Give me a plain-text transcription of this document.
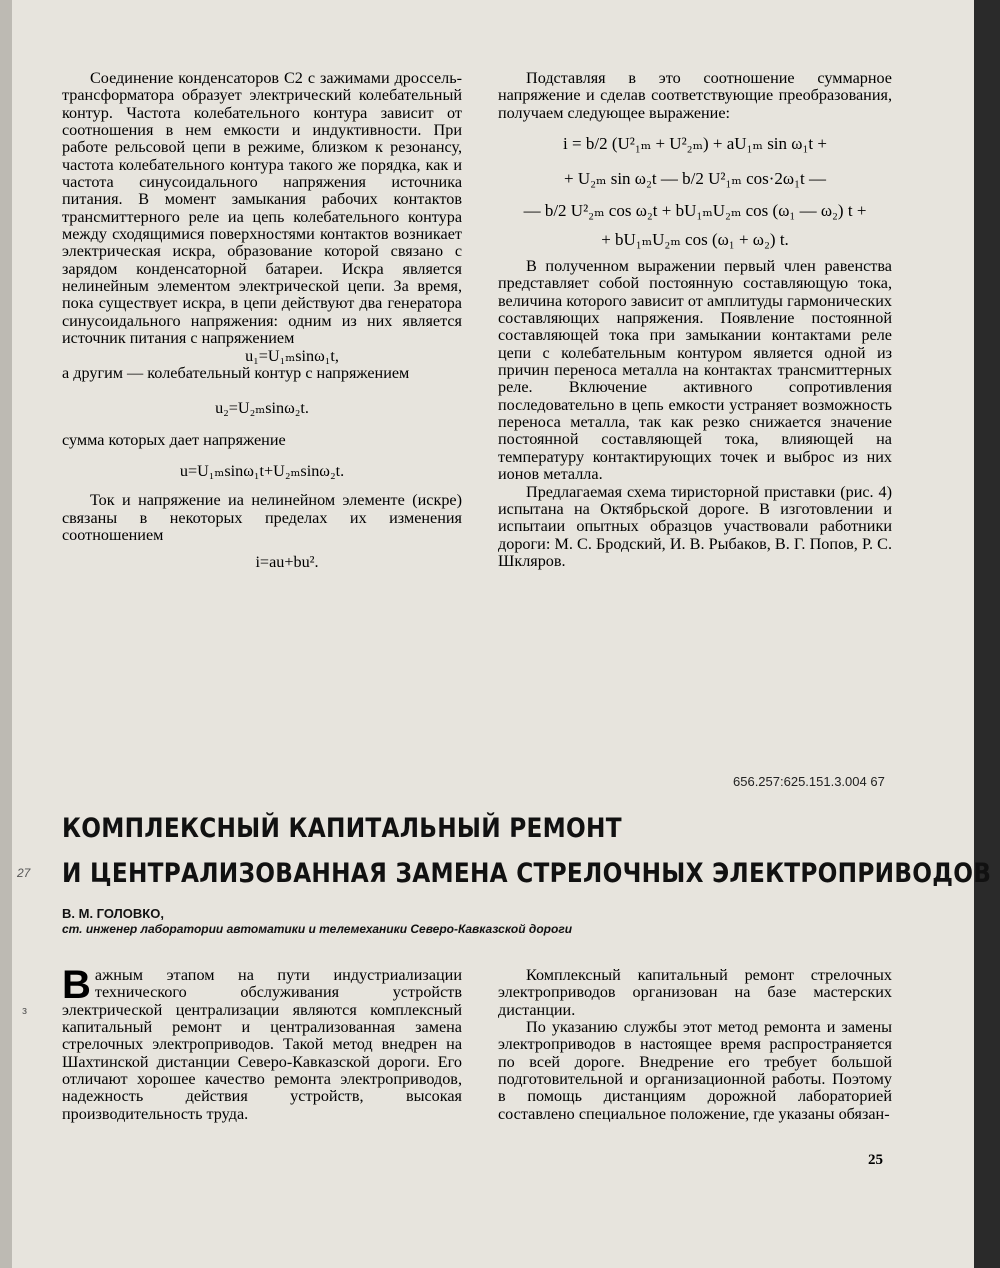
Соединение конденсаторов С2 с зажимами дроссель-трансформатора образует электрический колебательный контур. Частота колебательного контура зависит от соотношения в нем емкости и индуктивности. При работе рельсовой цепи в режиме, близком к резонансу, частота колебательного контура такого же порядка, как и частота синусоидального напряжения источника питания. В момент замыкания рабочих контактов трансмиттерного реле иа цепь колебательного контура между сходящимися поверхностями контактов возникает электрическая искра, образование которой связано с зарядом конденсаторной батареи. Искра является нелинейным элементом электрической цепи. За время, пока существует искра, в цепи действуют два генератора синусоидального напряжения: одним из них является источник питания с напряжением

u₁=U₁ₘsinω₁t,

а другим — колебательный контур с напряжением

u₂=U₂ₘsinω₂t.

сумма которых дает напряжение

u=U₁ₘsinω₁t+U₂ₘsinω₂t.

Ток и напряжение иа нелинейном элементе (искре) связаны в некоторых пределах их изменения соотношением

i=au+bu².

Подставляя в это соотношение суммарное напряжение и сделав соответствующие преобразования, получаем следующее выражение:

i = b/2 (U²₁ₘ + U²₂ₘ) + aU₁ₘ sin ω₁t +
+ U₂ₘ sin ω₂t — b/2 U²₁ₘ cos·2ω₁t —
— b/2 U²₂ₘ cos ω₂t + bU₁ₘU₂ₘ cos (ω₁ — ω₂) t +
+ bU₁ₘU₂ₘ cos (ω₁ + ω₂) t.

В полученном выражении первый член равенства представляет собой постоянную составляющую тока, величина которого зависит от амплитуды гармонических составляющих напряжения. Появление постоянной составляющей тока при замыкании контактами реле цепи с колебательным контуром является одной из причин переноса металла на контактах трансмиттерных реле. Включение активного сопротивления последовательно в цепь емкости устраняет возможность переноса металла, так как резко снижается значение постоянной составляющей тока, влияющей на температуру контактирующих точек и выброс из них ионов металла.

Предлагаемая схема тиристорной приставки (рис. 4) испытана на Октябрьской дороге. В изготовлении и испытаии опытных образцов участвовали работники дороги: М. С. Бродский, И. В. Рыбаков, В. Г. Попов, Р. С. Шкляров.

656.257:625.151.3.004 67
КОМПЛЕКСНЫЙ КАПИТАЛЬНЫЙ РЕМОНТ
И ЦЕНТРАЛИЗОВАННАЯ ЗАМЕНА СТРЕЛОЧНЫХ ЭЛЕКТРОПРИВОДОВ
27
з
В. М. ГОЛОВКО,
ст. инженер лаборатории автоматики и телемеханики Северо-Кавказской дороги

Важным этапом на пути индустриализации технического обслуживания устройств электрической централизации являются комплексный капитальный ремонт и централизованная замена стрелочных электроприводов. Такой метод внедрен на Шахтинской дистанции Северо-Кавказской дороги. Его отличают хорошее качество ремонта электроприводов, надежность действия устройств, высокая производительность труда.

Комплексный капитальный ремонт стрелочных электроприводов организован на базе мастерских дистанции.

По указанию службы этот метод ремонта и замены электроприводов в настоящее время распространяется по всей дороге. Внедрение его требует большой подготовительной и организационной работы. Поэтому в помощь дистанциям дорожной лабораторией составлено специальное положение, где указаны обязан-

25
